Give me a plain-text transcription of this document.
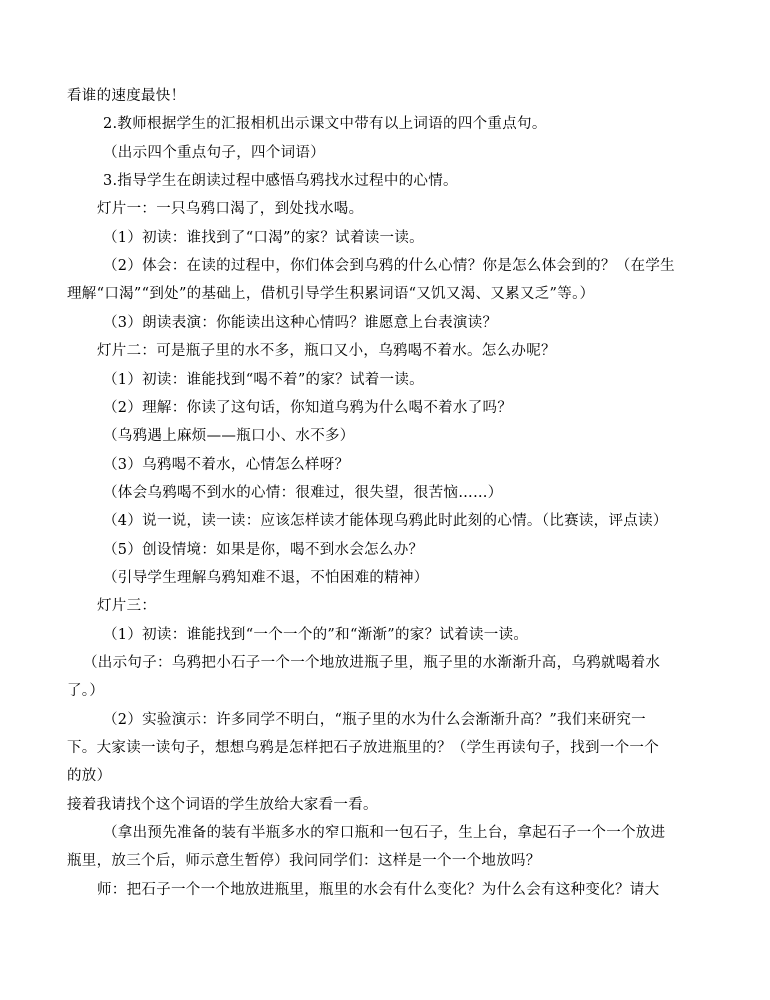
看谁的速度最快！
2.教师根据学生的汇报相机出示课文中带有以上词语的四个重点句。
（出示四个重点句子，四个词语）
3.指导学生在朗读过程中感悟乌鸦找水过程中的心情。
灯片一：一只乌鸦口渴了，到处找水喝。
（1）初读：谁找到了“口渴”的家？试着读一读。
（2）体会：在读的过程中，你们体会到乌鸦的什么心情？你是怎么体会到的？（在学生
理解“口渴”“到处”的基础上，借机引导学生积累词语“又饥又渴、又累又乏”等。）
（3）朗读表演：你能读出这种心情吗？谁愿意上台表演读？
灯片二：可是瓶子里的水不多，瓶口又小，乌鸦喝不着水。怎么办呢？
（1）初读：谁能找到“喝不着”的家？试着一读。
（2）理解：你读了这句话，你知道乌鸦为什么喝不着水了吗？
（乌鸦遇上麻烦——瓶口小、水不多）
（3）乌鸦喝不着水，心情怎么样呀？
（体会乌鸦喝不到水的心情：很难过，很失望，很苦恼……）
（4）说一说，读一读：应该怎样读才能体现乌鸦此时此刻的心情。（比赛读，评点读）
（5）创设情境：如果是你，喝不到水会怎么办？
（引导学生理解乌鸦知难不退，不怕困难的精神）
灯片三：
（1）初读：谁能找到“一个一个的”和“渐渐”的家？试着读一读。
（出示句子：乌鸦把小石子一个一个地放进瓶子里，瓶子里的水渐渐升高，乌鸦就喝着水
了。）
（2）实验演示：许多同学不明白，“瓶子里的水为什么会渐渐升高？”我们来研究一
下。大家读一读句子，想想乌鸦是怎样把石子放进瓶里的？（学生再读句子，找到一个一个
的放）
接着我请找个这个词语的学生放给大家看一看。
（拿出预先准备的装有半瓶多水的窄口瓶和一包石子，生上台，拿起石子一个一个放进
瓶里，放三个后，师示意生暂停）我问同学们：这样是一个一个地放吗？
师：把石子一个一个地放进瓶里，瓶里的水会有什么变化？为什么会有这种变化？请大
